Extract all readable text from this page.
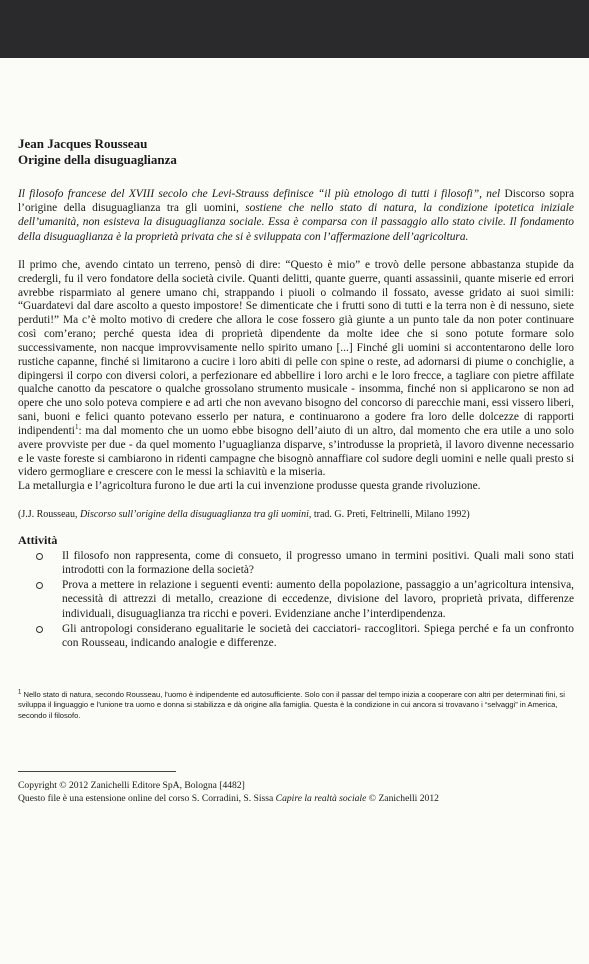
Jean Jacques Rousseau

Origine della disuguaglianza

Il filosofo francese del XVIII secolo che Levi-Strauss definisce “il più etnologo di tutti i filosofi”, nel Discorso sopra l’origine della disuguaglianza tra gli uomini, sostiene che nello stato di natura, la condizione ipotetica iniziale dell’umanità, non esisteva la disuguaglianza sociale. Essa è comparsa con il passaggio allo stato civile. Il fondamento della disuguaglianza è la proprietà privata che si è sviluppata con l’affermazione dell’agricoltura.

Il primo che, avendo cintato un terreno, pensò di dire: “Questo è mio” e trovò delle persone abbastanza stupide da credergli, fu il vero fondatore della società civile. Quanti delitti, quante guerre, quanti assassinii, quante miserie ed errori avrebbe risparmiato al genere umano chi, strappando i piuoli o colmando il fossato, avesse gridato ai suoi simili: “Guardatevi dal dare ascolto a questo impostore! Se dimenticate che i frutti sono di tutti e la terra non è di nessuno, siete perduti!” Ma c’è molto motivo di credere che allora le cose fossero già giunte a un punto tale da non poter continuare così com’erano; perché questa idea di proprietà dipendente da molte idee che si sono potute formare solo successivamente, non nacque improvvisamente nello spirito umano [...] Finché gli uomini si accontentarono delle loro rustiche capanne, finché si limitarono a cucire i loro abiti di pelle con spine o reste, ad adornarsi di piume o conchiglie, a dipingersi il corpo con diversi colori, a perfezionare ed abbellire i loro archi e le loro frecce, a tagliare con pietre affilate qualche canotto da pescatore o qualche grossolano strumento musicale - insomma, finché non si applicarono se non ad opere che uno solo poteva compiere e ad arti che non avevano bisogno del concorso di parecchie mani, essi vissero liberi, sani, buoni e felici quanto potevano esserlo per natura, e continuarono a godere fra loro delle dolcezze di rapporti indipendenti$^1$: ma dal momento che un uomo ebbe bisogno dell’aiuto di un altro, dal momento che era utile a uno solo avere provviste per due - da quel momento l’uguaglianza disparve, s’introdusse la proprietà, il lavoro divenne necessario e le vaste foreste si cambiarono in ridenti campagne che bisognò annaffiare col sudore degli uomini e nelle quali presto si videro germogliare e crescere con le messi la schiavitù e la miseria.

La metallurgia e l’agricoltura furono le due arti la cui invenzione produsse questa grande rivoluzione.

(J.J. Rousseau, Discorso sull’origine della disuguaglianza tra gli uomini, trad. G. Preti, Feltrinelli, Milano 1992)

Attività

Il filosofo non rappresenta, come di consueto, il progresso umano in termini positivi. Quali mali sono stati introdotti con la formazione della società?
Prova a mettere in relazione i seguenti eventi: aumento della popolazione, passaggio a un’agricoltura intensiva, necessità di attrezzi di metallo, creazione di eccedenze, divisione del lavoro, proprietà privata, differenze individuali, disuguaglianza tra ricchi e poveri. Evidenziane anche l’interdipendenza.
Gli antropologi considerano egualitarie le società dei cacciatori- raccoglitori. Spiega perché e fa un confronto con Rousseau, indicando analogie e differenze.

$^1$ Nello stato di natura, secondo Rousseau, l’uomo è indipendente ed autosufficiente. Solo con il passar del tempo inizia a cooperare con altri per determinati fini, si sviluppa il linguaggio e l’unione tra uomo e donna si stabilizza e dà origine alla famiglia. Questa è la condizione in cui ancora si trovavano i “selvaggi” in America, secondo il filosofo.

Copyright © 2012 Zanichelli Editore SpA, Bologna [4482]

Questo file è una estensione online del corso S. Corradini, S. Sissa Capire la realtà sociale © Zanichelli 2012
